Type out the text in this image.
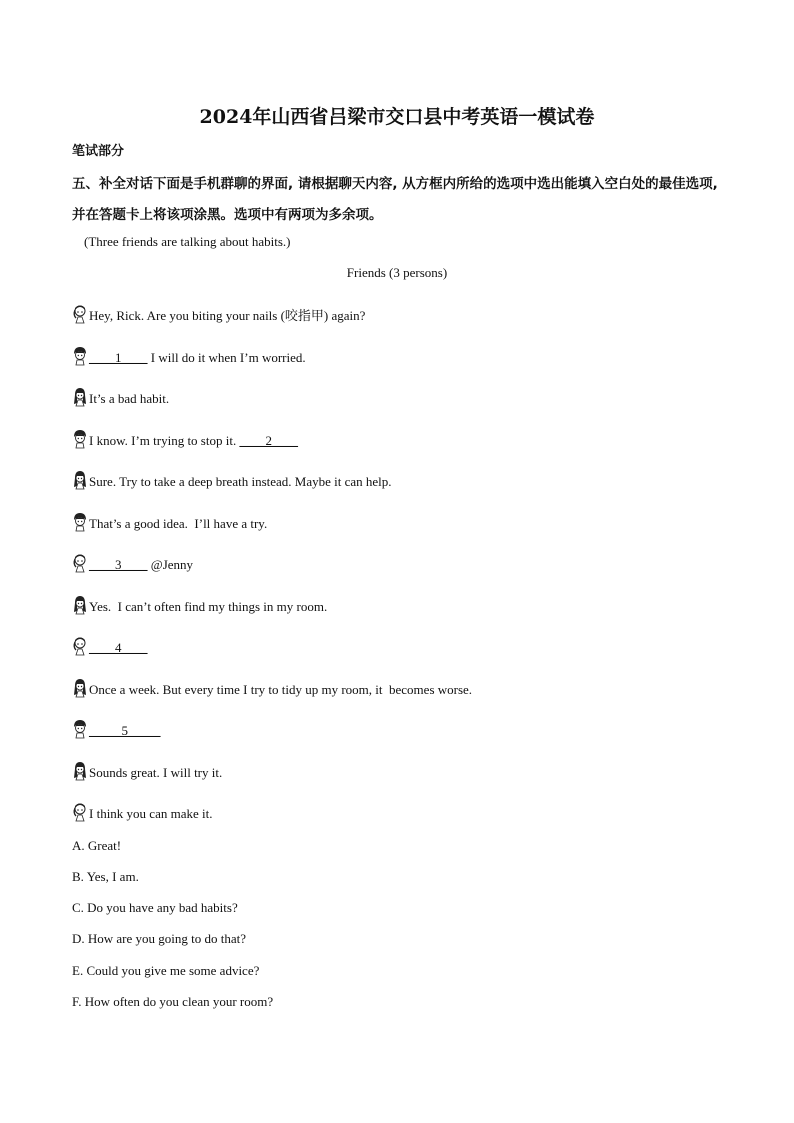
2024年山西省吕梁市交口县中考英语一模试卷
笔试部分
五、补全对话下面是手机群聊的界面, 请根据聊天内容, 从方框内所给的选项中选出能填入空白处的最佳选项, 并在答题卡上将该项涂黑。选项中有两项为多余项。
(Three friends are talking about habits.)
Friends (3 persons)
Hey, Rick. Are you biting your nails (咬指甲) again?
____1____ I will do it when I’m worried.
It’s a bad habit.
I know. I’m trying to stop it. ____2____
Sure. Try to take a deep breath instead. Maybe it can help.
That’s a good idea.  I’ll have a try.
____3____ @Jenny
Yes.  I can’t often find my things in my room.
____4____
Once a week. But every time I try to tidy up my room, it  becomes worse.
_____5_____
Sounds great. I will try it.
I think you can make it.
A. Great!
B. Yes, I am.
C. Do you have any bad habits?
D. How are you going to do that?
E. Could you give me some advice?
F. How often do you clean your room?
